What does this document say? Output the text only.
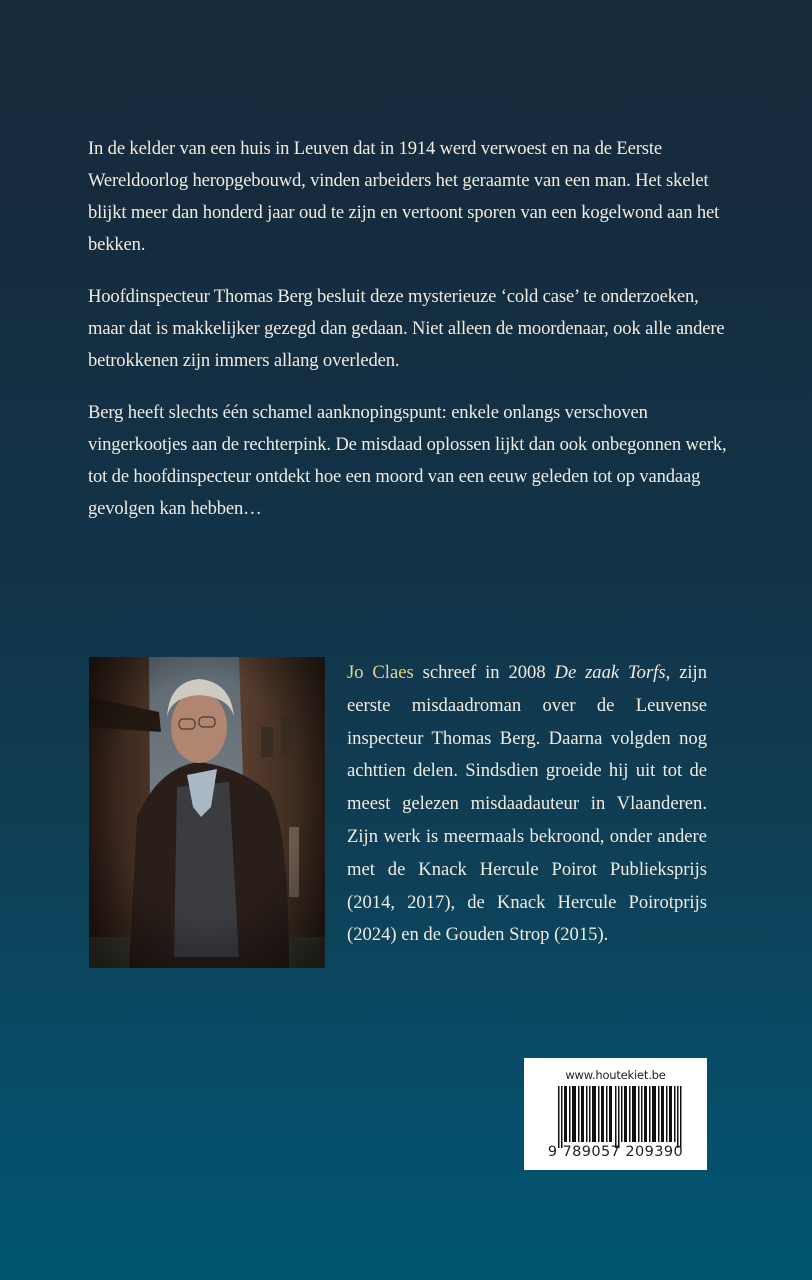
In de kelder van een huis in Leuven dat in 1914 werd verwoest en na de Eerste Wereldoorlog heropgebouwd, vinden arbeiders het geraamte van een man. Het skelet blijkt meer dan honderd jaar oud te zijn en vertoont sporen van een kogelwond aan het bekken.

Hoofdinspecteur Thomas Berg besluit deze mysterieuze ‘cold case’ te onderzoeken, maar dat is makkelijker gezegd dan gedaan. Niet alleen de moordenaar, ook alle andere betrokkenen zijn immers allang overleden.

Berg heeft slechts één schamel aanknopingspunt: enkele onlangs verschoven vingerkootjes aan de rechterpink. De misdaad oplossen lijkt dan ook onbegonnen werk, tot de hoofdinspecteur ontdekt hoe een moord van een eeuw geleden tot op vandaag gevolgen kan hebben…

Jo Claes schreef in 2008 De zaak Torfs, zijn eerste misdaadroman over de Leuvense inspecteur Thomas Berg. Daarna volgden nog achttien delen. Sindsdien groeide hij uit tot de meest gelezen misdaadauteur in Vlaanderen. Zijn werk is meermaals bekroond, onder andere met de Knack Hercule Poirot Publieksprijs (2014, 2017), de Knack Hercule Poirotprijs (2024) en de Gouden Strop (2015).
www.houtekiet.be
9 789057 209390
